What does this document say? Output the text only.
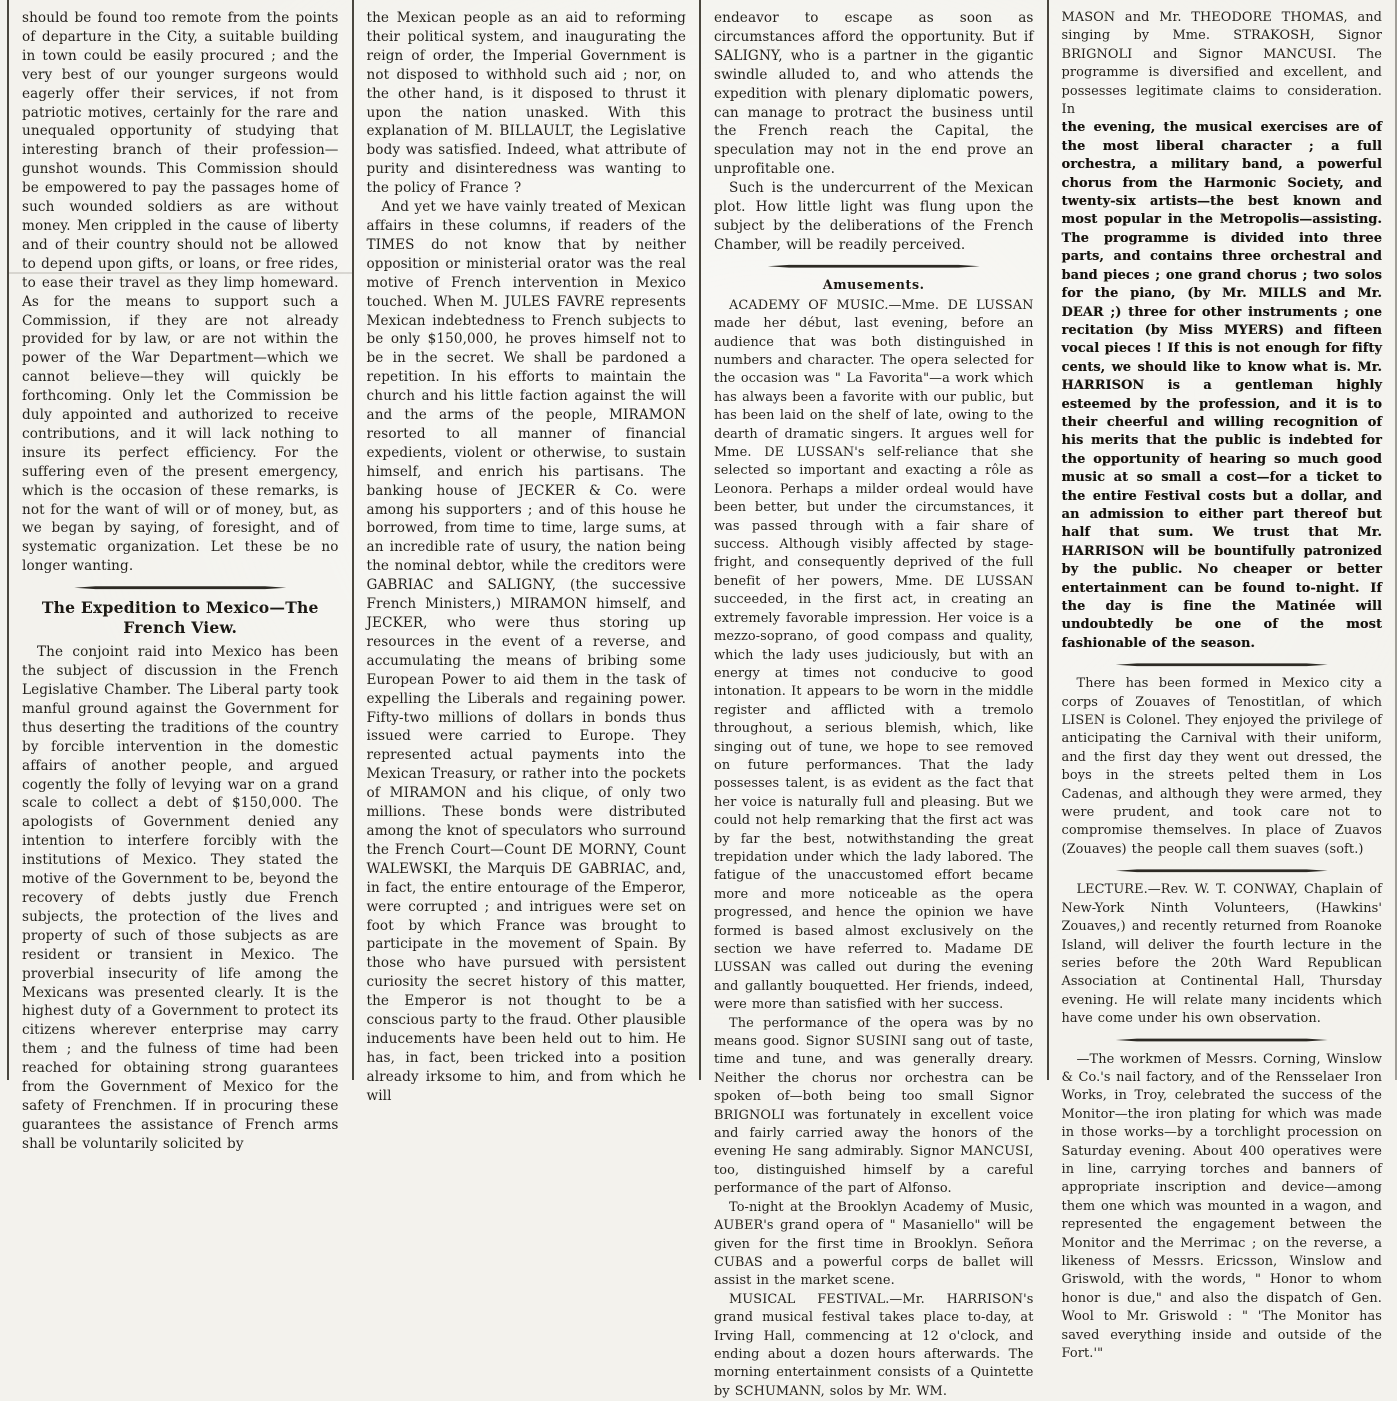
should be found too remote from the points of departure in the City, a suitable building in town could be easily procured ; and the very best of our younger surgeons would eagerly offer their services, if not from patriotic motives, certainly for the rare and unequaled opportunity of studying that interesting branch of their profession—gunshot wounds. This Commission should be empowered to pay the passages home of such wounded soldiers as are without money. Men crippled in the cause of liberty and of their country should not be allowed to depend upon gifts, or loans, or free rides, to ease their travel as they limp homeward. As for the means to support such a Commission, if they are not already provided for by law, or are not within the power of the War Department—which we cannot believe—they will quickly be forthcoming. Only let the Commission be duly appointed and authorized to receive contributions, and it will lack nothing to insure its perfect efficiency. For the suffering even of the present emergency, which is the occasion of these remarks, is not for the want of will or of money, but, as we began by saying, of foresight, and of systematic organization. Let these be no longer wanting.

The Expedition to Mexico—The French View.

The conjoint raid into Mexico has been the subject of discussion in the French Legislative Chamber. The Liberal party took manful ground against the Government for thus deserting the traditions of the country by forcible intervention in the domestic affairs of another people, and argued cogently the folly of levying war on a grand scale to collect a debt of $150,000. The apologists of Government denied any intention to interfere forcibly with the institutions of Mexico. They stated the motive of the Government to be, beyond the recovery of debts justly due French subjects, the protection of the lives and property of such of those subjects as are resident or transient in Mexico. The proverbial insecurity of life among the Mexicans was presented clearly. It is the highest duty of a Government to protect its citizens wherever enterprise may carry them ; and the fulness of time had been reached for obtaining strong guarantees from the Government of Mexico for the safety of Frenchmen. If in procuring these guarantees the assistance of French arms shall be voluntarily solicited by

the Mexican people as an aid to reforming their political system, and inaugurating the reign of order, the Imperial Government is not disposed to withhold such aid ; nor, on the other hand, is it disposed to thrust it upon the nation unasked. With this explanation of M. BILLAULT, the Legislative body was satisfied. Indeed, what attribute of purity and disinteredness was wanting to the policy of France ?

And yet we have vainly treated of Mexican affairs in these columns, if readers of the TIMES do not know that by neither opposition or ministerial orator was the real motive of French intervention in Mexico touched. When M. JULES FAVRE represents Mexican indebtedness to French subjects to be only $150,000, he proves himself not to be in the secret. We shall be pardoned a repetition. In his efforts to maintain the church and his little faction against the will and the arms of the people, MIRAMON resorted to all manner of financial expedients, violent or otherwise, to sustain himself, and enrich his partisans. The banking house of JECKER & Co. were among his supporters ; and of this house he borrowed, from time to time, large sums, at an incredible rate of usury, the nation being the nominal debtor, while the creditors were GABRIAC and SALIGNY, (the successive French Ministers,) MIRAMON himself, and JECKER, who were thus storing up resources in the event of a reverse, and accumulating the means of bribing some European Power to aid them in the task of expelling the Liberals and regaining power. Fifty-two millions of dollars in bonds thus issued were carried to Europe. They represented actual payments into the Mexican Treasury, or rather into the pockets of MIRAMON and his clique, of only two millions. These bonds were distributed among the knot of speculators who surround the French Court—Count DE MORNY, Count WALEWSKI, the Marquis DE GABRIAC, and, in fact, the entire entourage of the Emperor, were corrupted ; and intrigues were set on foot by which France was brought to participate in the movement of Spain. By those who have pursued with persistent curiosity the secret history of this matter, the Emperor is not thought to be a conscious party to the fraud. Other plausible inducements have been held out to him. He has, in fact, been tricked into a position already irksome to him, and from which he will

endeavor to escape as soon as circumstances afford the opportunity. But if SALIGNY, who is a partner in the gigantic swindle alluded to, and who attends the expedition with plenary diplomatic powers, can manage to protract the business until the French reach the Capital, the speculation may not in the end prove an unprofitable one.

Such is the undercurrent of the Mexican plot. How little light was flung upon the subject by the deliberations of the French Chamber, will be readily perceived.

Amusements.

ACADEMY OF MUSIC.—Mme. DE LUSSAN made her début, last evening, before an audience that was both distinguished in numbers and character. The opera selected for the occasion was " La Favorita"—a work which has always been a favorite with our public, but has been laid on the shelf of late, owing to the dearth of dramatic singers. It argues well for Mme. DE LUSSAN's self-reliance that she selected so important and exacting a rôle as Leonora. Perhaps a milder ordeal would have been better, but under the circumstances, it was passed through with a fair share of success. Although visibly affected by stage-fright, and consequently deprived of the full benefit of her powers, Mme. DE LUSSAN succeeded, in the first act, in creating an extremely favorable impression. Her voice is a mezzo-soprano, of good compass and quality, which the lady uses judiciously, but with an energy at times not conducive to good intonation. It appears to be worn in the middle register and afflicted with a tremolo throughout, a serious blemish, which, like singing out of tune, we hope to see removed on future performances. That the lady possesses talent, is as evident as the fact that her voice is naturally full and pleasing. But we could not help remarking that the first act was by far the best, notwithstanding the great trepidation under which the lady labored. The fatigue of the unaccustomed effort became more and more noticeable as the opera progressed, and hence the opinion we have formed is based almost exclusively on the section we have referred to. Madame DE LUSSAN was called out during the evening and gallantly bouquetted. Her friends, indeed, were more than satisfied with her success.

The performance of the opera was by no means good. Signor SUSINI sang out of taste, time and tune, and was generally dreary. Neither the chorus nor orchestra can be spoken of—both being too small Signor BRIGNOLI was fortunately in excellent voice and fairly carried away the honors of the evening He sang admirably. Signor MANCUSI, too, distinguished himself by a careful performance of the part of Alfonso.

To-night at the Brooklyn Academy of Music, AUBER's grand opera of " Masaniello" will be given for the first time in Brooklyn. Señora CUBAS and a powerful corps de ballet will assist in the market scene.

MUSICAL FESTIVAL.—Mr. HARRISON's grand musical festival takes place to-day, at Irving Hall, commencing at 12 o'clock, and ending about a dozen hours afterwards. The morning entertainment consists of a Quintette by SCHUMANN, solos by Mr. WM.

MASON and Mr. THEODORE THOMAS, and singing by Mme. STRAKOSH, Signor BRIGNOLI and Signor MANCUSI. The programme is diversified and excellent, and possesses legitimate claims to consideration. In

the evening, the musical exercises are of the most liberal character ; a full orchestra, a military band, a powerful chorus from the Harmonic Society, and twenty-six artists—the best known and most popular in the Metropolis—assisting. The programme is divided into three parts, and contains three orchestral and band pieces ; one grand chorus ; two solos for the piano, (by Mr. MILLS and Mr. DEAR ;) three for other instruments ; one recitation (by Miss MYERS) and fifteen vocal pieces ! If this is not enough for fifty cents, we should like to know what is. Mr. HARRISON is a gentleman highly esteemed by the profession, and it is to their cheerful and willing recognition of his merits that the public is indebted for the opportunity of hearing so much good music at so small a cost—for a ticket to the entire Festival costs but a dollar, and an admission to either part thereof but half that sum. We trust that Mr. HARRISON will be bountifully patronized by the public. No cheaper or better entertainment can be found to-night. If the day is fine the Matinée will undoubtedly be one of the most fashionable of the season.

There has been formed in Mexico city a corps of Zouaves of Tenostitlan, of which LISEN is Colonel. They enjoyed the privilege of anticipating the Carnival with their uniform, and the first day they went out dressed, the boys in the streets pelted them in Los Cadenas, and although they were armed, they were prudent, and took care not to compromise themselves. In place of Zuavos (Zouaves) the people call them suaves (soft.)

LECTURE.—Rev. W. T. CONWAY, Chaplain of New-York Ninth Volunteers, (Hawkins' Zouaves,) and recently returned from Roanoke Island, will deliver the fourth lecture in the series before the 20th Ward Republican Association at Continental Hall, Thursday evening. He will relate many incidents which have come under his own observation.

—The workmen of Messrs. Corning, Winslow & Co.'s nail factory, and of the Rensselaer Iron Works, in Troy, celebrated the success of the Monitor—the iron plating for which was made in those works—by a torchlight procession on Saturday evening. About 400 operatives were in line, carrying torches and banners of appropriate inscription and device—among them one which was mounted in a wagon, and represented the engagement between the Monitor and the Merrimac ; on the reverse, a likeness of Messrs. Ericsson, Winslow and Griswold, with the words, " Honor to whom honor is due," and also the dispatch of Gen. Wool to Mr. Griswold : " 'The Monitor has saved everything inside and outside of the Fort.'"
